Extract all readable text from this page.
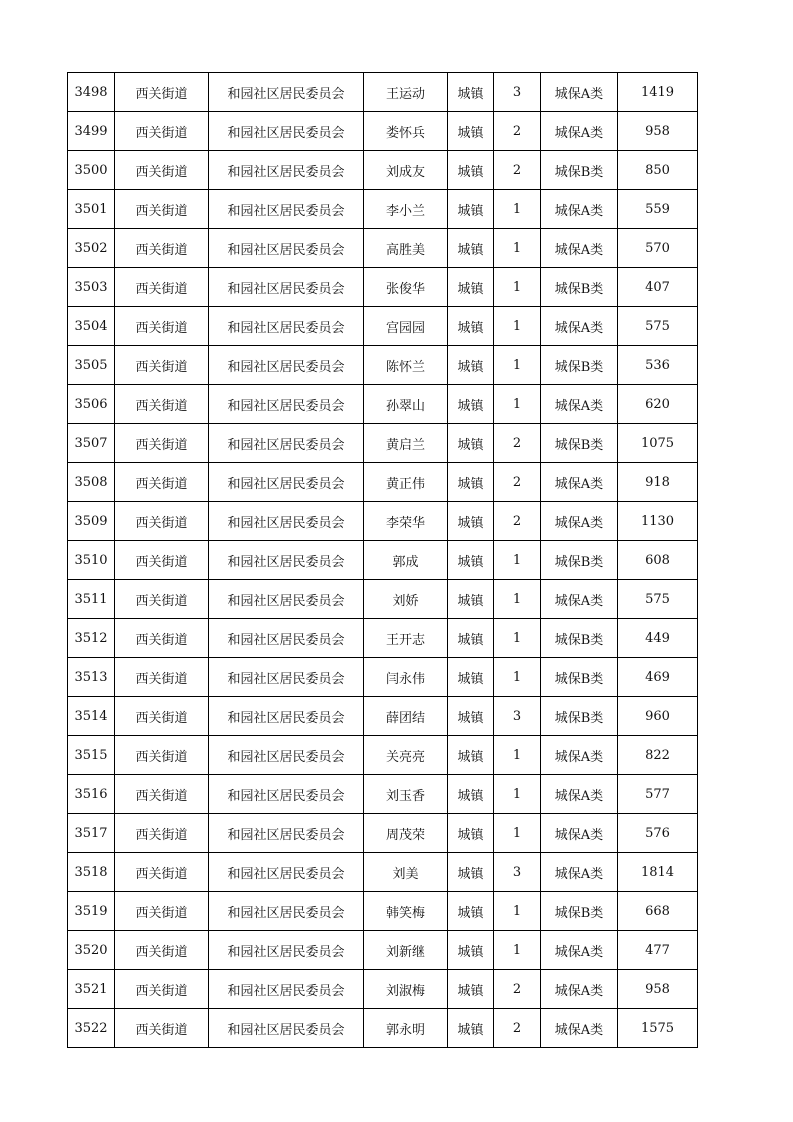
3498	西关街道	和园社区居民委员会	王运动	城镇	3	城保A类	1419
3499	西关街道	和园社区居民委员会	娄怀兵	城镇	2	城保A类	958
3500	西关街道	和园社区居民委员会	刘成友	城镇	2	城保B类	850
3501	西关街道	和园社区居民委员会	李小兰	城镇	1	城保A类	559
3502	西关街道	和园社区居民委员会	高胜美	城镇	1	城保A类	570
3503	西关街道	和园社区居民委员会	张俊华	城镇	1	城保B类	407
3504	西关街道	和园社区居民委员会	宫园园	城镇	1	城保A类	575
3505	西关街道	和园社区居民委员会	陈怀兰	城镇	1	城保B类	536
3506	西关街道	和园社区居民委员会	孙翠山	城镇	1	城保A类	620
3507	西关街道	和园社区居民委员会	黄启兰	城镇	2	城保B类	1075
3508	西关街道	和园社区居民委员会	黄正伟	城镇	2	城保A类	918
3509	西关街道	和园社区居民委员会	李荣华	城镇	2	城保A类	1130
3510	西关街道	和园社区居民委员会	郭成	城镇	1	城保B类	608
3511	西关街道	和园社区居民委员会	刘娇	城镇	1	城保A类	575
3512	西关街道	和园社区居民委员会	王开志	城镇	1	城保B类	449
3513	西关街道	和园社区居民委员会	闫永伟	城镇	1	城保B类	469
3514	西关街道	和园社区居民委员会	薛团结	城镇	3	城保B类	960
3515	西关街道	和园社区居民委员会	关亮亮	城镇	1	城保A类	822
3516	西关街道	和园社区居民委员会	刘玉香	城镇	1	城保A类	577
3517	西关街道	和园社区居民委员会	周茂荣	城镇	1	城保A类	576
3518	西关街道	和园社区居民委员会	刘美	城镇	3	城保A类	1814
3519	西关街道	和园社区居民委员会	韩笑梅	城镇	1	城保B类	668
3520	西关街道	和园社区居民委员会	刘新继	城镇	1	城保A类	477
3521	西关街道	和园社区居民委员会	刘淑梅	城镇	2	城保A类	958
3522	西关街道	和园社区居民委员会	郭永明	城镇	2	城保A类	1575
